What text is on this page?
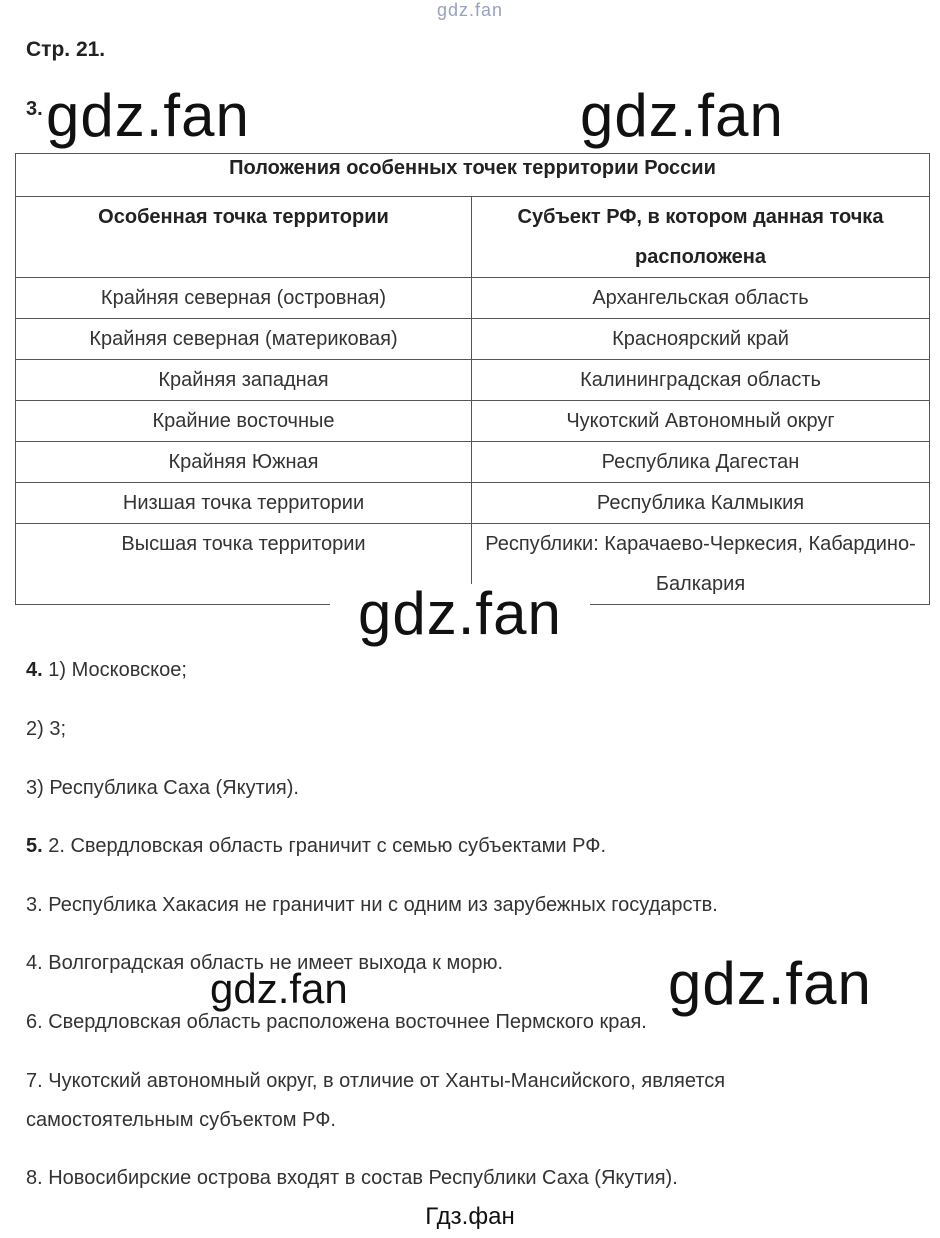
gdz.fan
Стр. 21.
3.
Положения особенных точек территории России	
Особенная точка территории	Субъект РФ, в котором данная точка расположена
Крайняя северная (островная)	Архангельская область
Крайняя северная (материковая)	Красноярский край
Крайняя западная	Калининградская область
Крайние восточные	Чукотский Автономный округ
Крайняя Южная	Республика Дагестан
Низшая точка территории	Республика Калмыкия
Высшая точка территории	Республики: Карачаево-Черкесия, Кабардино-Балкария
gdz.fan	gdz.fan
gdz.fan
4. 1) Московское;
2) 3;
3) Республика Саха (Якутия).
5. 2. Свердловская область граничит с семью субъектами РФ.
3. Республика Хакасия не граничит ни с одним из зарубежных государств.
4. Волгоградская область не имеет выхода к морю.
6. Свердловская область расположена восточнее Пермского края.
7. Чукотский автономный округ, в отличие от Ханты-Мансийского, является
самостоятельным субъектом РФ.
8. Новосибирские острова входят в состав Республики Саха (Якутия).
gdz.fan	gdz.fan
Гдз.фан
